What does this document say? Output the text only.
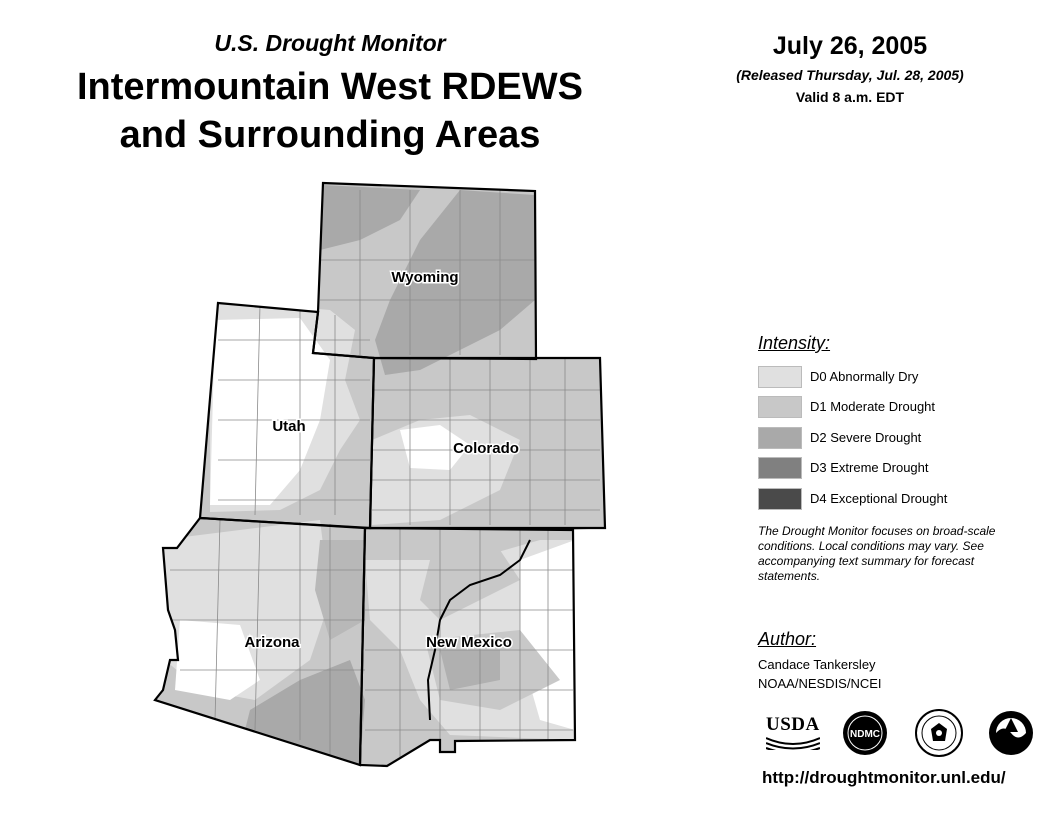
U.S. Drought Monitor
Intermountain West RDEWS
and Surrounding Areas
July 26, 2005
(Released Thursday, Jul. 28, 2005)
Valid 8 a.m. EDT
Wyoming
Utah
Colorado
Arizona	New Mexico
Intensity:
D0 Abnormally Dry
D1 Moderate Drought
D2 Severe Drought
D3 Extreme Drought
D4 Exceptional Drought
The Drought Monitor focuses on broad-scale conditions. Local conditions may vary. See accompanying text summary for forecast statements.
Author:
Candace Tankersley
NOAA/NESDIS/NCEI
USDA	NDMC
http://droughtmonitor.unl.edu/
